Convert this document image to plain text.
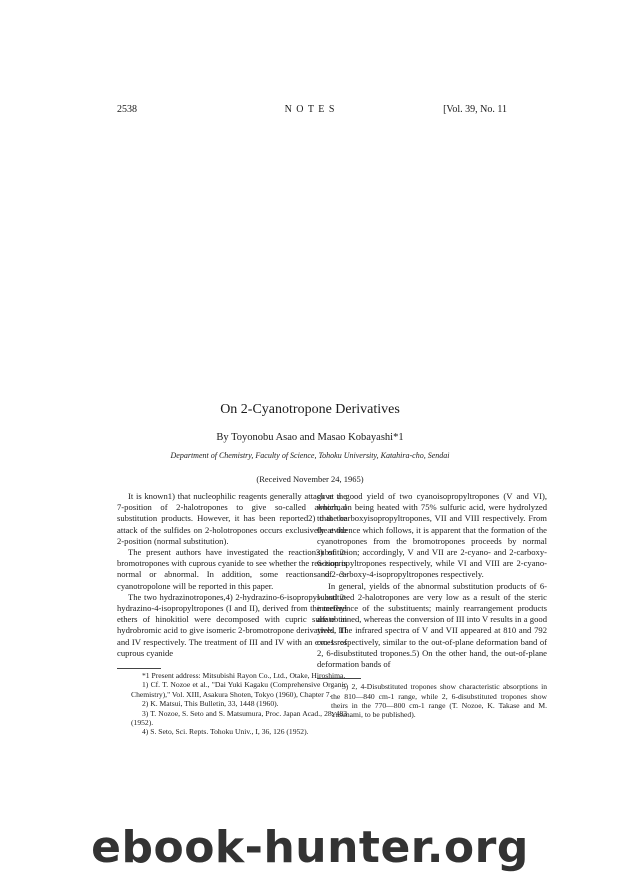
2538	N O T E S	[Vol. 39, No. 11
On 2-Cyanotropone Derivatives
By Toyonobu Asao and Masao Kobayashi*1
Department of Chemistry, Faculty of Science, Tohoku University, Katahira-cho, Sendai
(Received November 24, 1965)

It is known1) that nucleophilic reagents generally attack at the 7-position of 2-halotropones to give so-called abnormal substitution products. However, it has been reported2) that the attack of the sulfides on 2-holotropones occurs exclusively at the 2-position (normal substitution).

The present authors have investigated the reaction3) of 2-bromotropones with cuprous cyanide to see whether the reaction is normal or abnormal. In addition, some reactions of 3-cyanotropolone will be reported in this paper.

The two hydrazinotropones,4) 2-hydrazino-6-isopropyl- and 2-hydrazino-4-isopropyltropones (I and II), derived from the methyl ethers of hinokitiol were decomposed with cupric sulfate in hydrobromic acid to give isomeric 2-bromotropone derivatives, III and IV respectively. The treatment of III and IV with an excess of cuprous cyanide

*1 Present address: Mitsubishi Rayon Co., Ltd., Otake, Hiroshima.

1) Cf. T. Nozoe et al., "Dai Yuki Kagaku (Comprehensive Organic Chemistry)," Vol. XIII, Asakura Shoten, Tokyo (1960), Chapter 7.

2) K. Matsui, This Bulletin, 33, 1448 (1960).

3) T. Nozoe, S. Seto and S. Matsumura, Proc. Japan Acad., 28, 483 (1952).

4) S. Seto, Sci. Repts. Tohoku Univ., I, 36, 126 (1952).

gave a good yield of two cyanoisopropyltropones (V and VI), which, on being heated with 75% sulfuric acid, were hydrolyzed to the carboxyisopropyltropones, VII and VIII respectively. From the evidence which follows, it is apparent that the formation of the cyanotropones from the bromotropones proceeds by normal substitution; accordingly, V and VII are 2-cyano- and 2-carboxy-6-isopropyltropones respectively, while VI and VIII are 2-cyano- and 2-carboxy-4-isopropyltropones respectively.

In general, yields of the abnormal substitution products of 6-substituted 2-halotropones are very low as a result of the steric interference of the substituents; mainly rearrangement products are obtained, whereas the conversion of III into V results in a good yield. The infrared spectra of V and VII appeared at 810 and 792 cm-1 respectively, similar to the out-of-plane deformation band of 2, 6-disubstituted tropones.5) On the other hand, the out-of-plane deformation bands of

5) 2, 4-Disubstituted tropones show characteristic absorptions in the 810—840 cm-1 range, while 2, 6-disubstituted tropones show theirs in the 770—800 cm-1 range (T. Nozoe, K. Takase and M. Yasunami, to be published).

ebook-hunter.org
